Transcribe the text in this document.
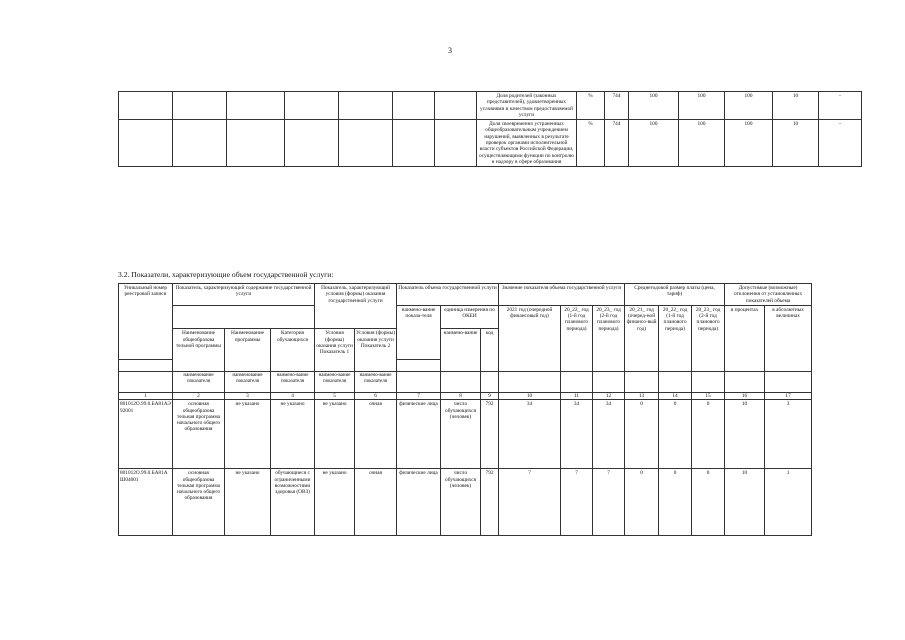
3
							Доля родителей (законных представителей), удовлетворенных условиями и качеством предоставляемой услуги	%	744	100	100	100	10	-
							Доля своевременно устраненных общеобразовательным учреждением нарушений, выявленных в результате проверок органами исполнительной власти субъектов Российской Федерации, осуществляющими функции по контролю и надзору в сфере образования	%	744	100	100	100	10	-
3.2. Показатели, характеризующие объем государственной услуги:
Уникальный номер реестровой записи	Показатель, характеризующий содержание государственной услуги			Показатель, характеризующий условия (формы) оказания государственной услуги		Показатель объема государственной услуги			Значение показателя объема государственной услуги			Среднегодовой размер платы (цена, тариф)			Допустимые (возможные) отклонения от установленных показателей объема	
						наимено-вание показа-теля	единица измерения по ОКЕИ		2021 год (очередной финансовый год)	20_22_ год (1-й год планового периода)	20_23_ год (2-й год планового периода)	20_21_ год (очеред-ной финансо-вый год)	20_22_ год (1-й год планового периода)	20_23_ год (2-й год планового периода)	в процентах	в абсолютных величинах
	Наименование общеобразова тельной программы	Наименование программы	Категория обучающихся	Условия (формы) оказания услуги Показатель 1	Условия (формы) оказания услуги Показатель 2		наимено-вание	код								

	наименование показателя	наименование показателя	наимено-вание показателя	наимено-вание показателя	наимено-вание показателя											
1	2	3	4	5	6	7	8	9	10	11	12	13	14	15	16	17
801012О.99.0.БА81АЭ92001	основная общеобразова тельная программа начального общего образования	не указано	не указано	не указано	очная	физические лица	число обучающихся (человек)	792	34	34	34	0	0	0	10	3
801012О.99.0.БА81АШ04001	основная общеобразова тельная программа начального общего образования	не указано	обучающиеся с ограниченными возможностями здоровья (ОВЗ)	не указано	очная	физические лица	число обучающихся (человек)	792	7	7	7	0	0	0	10	1
